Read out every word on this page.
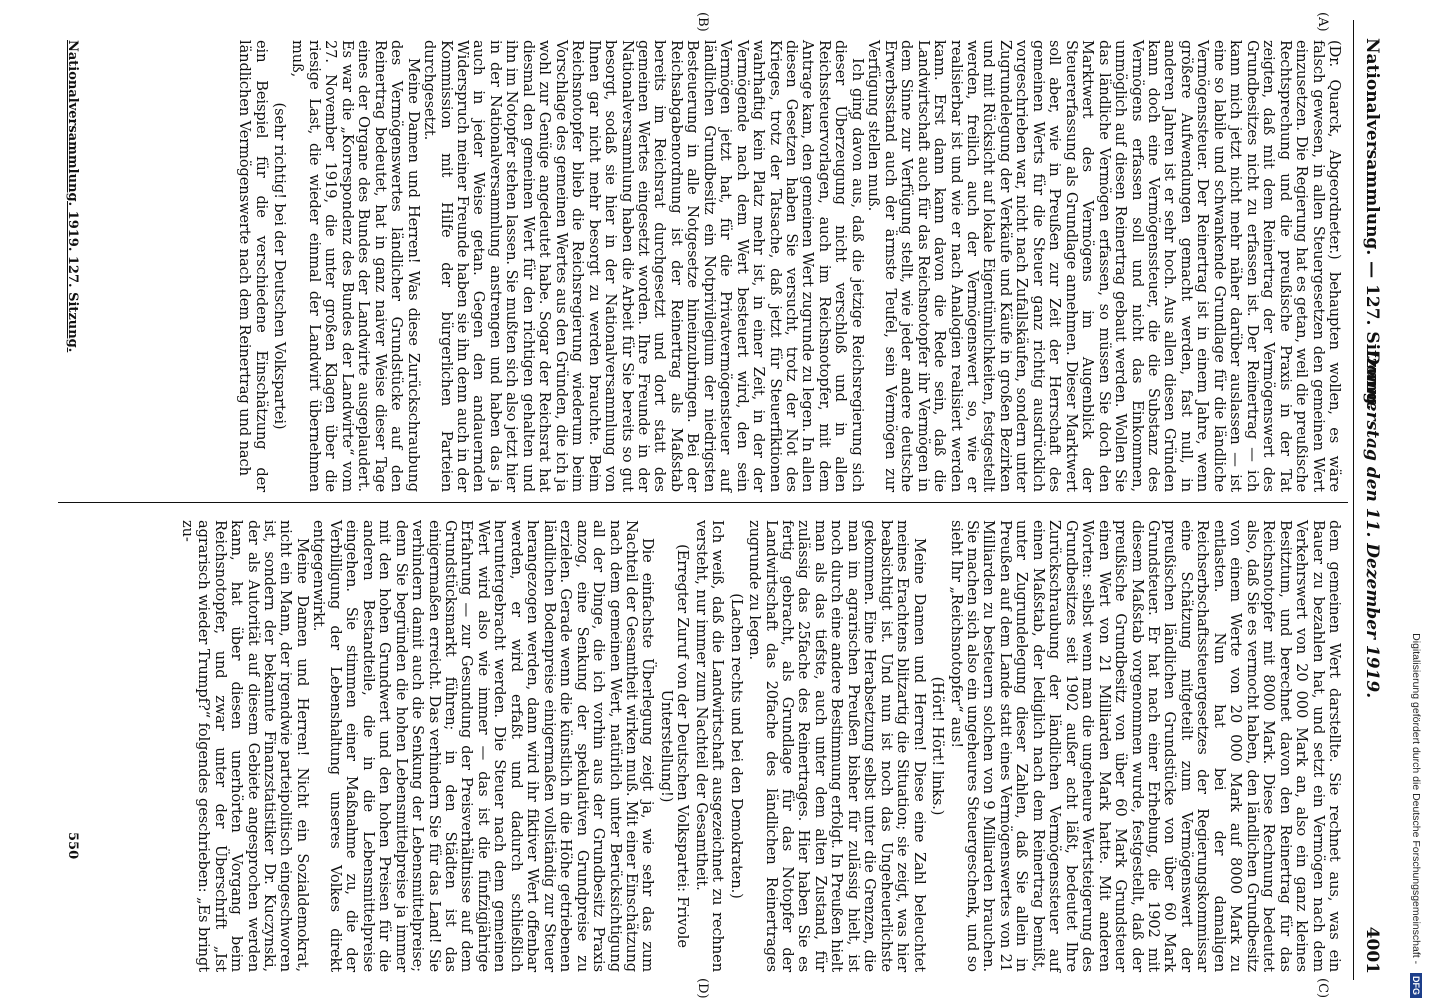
Nationalversammlung. — 127. Sitzung.
Donnerstag den 11. Dezember 1919.
4001
(A)
(B)
(C)
(D)

(Dr. Quarck, Abgeordneter.) behaupten wollen, es wäre falsch gewesen, in allen Steuergesetzen den gemeinen Wert einzusetzen. Die Regierung hat es getan, weil die preußische Rechtsprechung und die preußische Praxis in der Tat zeigten, daß mit dem Reinertrag der Vermögenswert des Grundbesitzes nicht zu erfassen ist. Der Reinertrag — ich kann mich jetzt nicht mehr näher darüber auslassen — ist eine so labile und schwankende Grundlage für die ländliche Vermögenssteuer. Der Reinertrag ist in einem Jahre, wenn größere Aufwendungen gemacht werden, fast null, in anderen Jahren ist er sehr hoch. Aus allen diesen Gründen kann doch eine Vermögenssteuer, die die Substanz des Vermögens erfassen soll und nicht das Einkommen, unmöglich auf diesen Reinertrag gebaut werden. Wollen Sie das ländliche Vermögen erfassen, so müssen Sie doch den Marktwert des Vermögens im Augenblick der Steuererfassung als Grundlage annehmen. Dieser Marktwert soll aber, wie in Preußen zur Zeit der Herrschaft des gemeinen Werts für die Steuer ganz richtig ausdrücklich vorgeschrieben war, nicht nach Zufallskäufen, sondern unter Zugrundelegung der Verkäufe und Käufe in großen Bezirken und mit Rücksicht auf lokale Eigentümlichkeiten, festgestellt werden, freilich auch der Vermögenswert so, wie er realisierbar ist und wie er nach Analogien realisiert werden kann. Erst dann kann davon die Rede sein, daß die Landwirtschaft auch für das Reichsnotopfer ihr Vermögen in dem Sinne zur Verfügung stellt, wie jeder andere deutsche Erwerbsstand auch der ärmste Teufel, sein Vermögen zur Verfügung stellen muß.

Ich ging davon aus, daß die jetzige Reichsregierung sich dieser Überzeugung nicht verschloß und in allen Reichssteuervorlagen, auch im Reichsnotopfer, mit dem Antrage kam, den gemeinen Wert zugrunde zu legen. In allen diesen Gesetzen haben Sie versucht, trotz der Not des Krieges, trotz der Tatsache, daß jetzt für Steuerfiktionen wahrhaftig kein Platz mehr ist, in einer Zeit, in der der Vermögende nach dem Wert besteuert wird, den sein Vermögen jetzt hat, für die Privatvermögensteuer auf ländlichen Grundbesitz ein Notprivilegium der niedrigsten Besteuerung in alle Notgesetze hineinzubringen. Bei der Reichsabgabenordnung ist der Reinertrag als Maßstab bereits im Reichsrat durchgesetzt und dort statt des gemeinen Wertes eingesetzt worden. Ihre Freunde in der Nationalversammlung haben die Arbeit für Sie bereits so gut besorgt, sodaß sie hier in der Nationalversammlung von Ihnen gar nicht mehr besorgt zu werden brauchte. Beim Reichsnotopfer blieb die Reichsregierung wiederum beim Vorschlage des gemeinen Wertes aus den Gründen, die ich ja wohl zur Genüge angedeutet habe. Sogar der Reichsrat hat diesmal den gemeinen Wert für den richtigen gehalten und ihn im Notopfer stehen lassen. Sie mußten sich also jetzt hier in der Nationalversammlung anstrengen und haben das ja auch in jeder Weise getan. Gegen den andauernden Widerspruch meiner Freunde haben sie ihn denn auch in der Kommission mit Hilfe der bürgerlichen Parteien durchgesetzt.

Meine Damen und Herren! Was diese Zurückschraubung des Vermögenswertes ländlicher Grundstücke auf den Reinertrag bedeutet, hat in ganz naiver Weise dieser Tage eines der Organe des Bundes der Landwirte ausgeplaudert. Es war die „Korrespondenz des Bundes der Landwirte“ vom 27. November 1919, die unter großen Klagen über die riesige Last, die wieder einmal der Landwirt übernehmen muß,

(sehr richtig! bei der Deutschen Volkspartei)

ein Beispiel für die verschiedene Einschätzung der ländlichen Vermögenswerte nach dem Reinertrag und nach

dem gemeinen Wert darstellte. Sie rechnet aus, was ein Bauer zu bezahlen hat, und setzt ein Vermögen nach dem Verkehrswert von 20 000 Mark an, also ein ganz kleines Besitztum, und berechnet davon den Reinertrag für das Reichsnotopfer mit 8000 Mark. Diese Rechnung bedeutet also, daß Sie es vermocht haben, den ländlichen Grundbesitz von einem Werte von 20 000 Mark auf 8000 Mark zu entlasten. Nun hat bei der damaligen Reichserbschaftssteuergesetzes der Regierungskommissar eine Schätzung mitgeteilt zum Vermögenswert der preußischen ländlichen Grundstücke von über 60 Mark Grundsteuer. Er hat nach einer Erhebung, die 1902 mit diesem Maßstab vorgenommen wurde, festgestellt, daß der preußische Grundbesitz von über 60 Mark Grundsteuer einen Wert von 21 Milliarden Mark hatte. Mit anderen Worten: selbst wenn man die ungeheure Wertsteigerung des Grundbesitzes seit 1902 außer acht läßt, bedeutet Ihre Zurückschraubung der ländlichen Vermögenssteuer auf einen Maßstab, der lediglich nach dem Reinertrag bemißt, unter Zugrundelegung dieser Zahlen, daß Sie allein in Preußen auf dem Lande statt eines Vermögenswertes von 21 Milliarden zu besteuern solchen von 9 Milliarden brauchen. Sie machen sich also ein ungeheures Steuergeschenk, und so sieht Ihr „Reichsnotopfer“ aus!

(Hört! Hört! links.)

Meine Damen und Herren! Diese eine Zahl beleuchtet meines Erachtens blitzartig die Situation; sie zeigt, was hier beabsichtigt ist. Und nun ist noch das Ungeheuerlichste gekommen. Eine Herabsetzung selbst unter die Grenzen, die man im agrarischen Preußen bisher für zulässig hielt, ist noch durch eine andere Bestimmung erfolgt. In Preußen hielt man als das tiefste, auch unter dem alten Zustand, für zulässig das 25fache des Reinertrages. Hier haben Sie es fertig gebracht, als Grundlage für das Notopfer der Landwirtschaft das 20fache des ländlichen Reinertrages zugrunde zu legen.

(Lachen rechts und bei den Demokraten.)

Ich weiß, daß die Landwirtschaft ausgezeichnet zu rechnen versteht, nur immer zum Nachteil der Gesamtheit.

(Erregter Zuruf von der Deutschen Volkspartei: Frivole Unterstellung!)

Die einfachste Überlegung zeigt ja, wie sehr das zum Nachteil der Gesamtheit wirken muß. Mit einer Einschätzung nach dem gemeinen Wert, natürlich unter Berücksichtigung all der Dinge, die ich vorhin aus der Grundbesitz Praxis anzog, eine Senkung der spekulativen Grundpreise zu erzielen. Gerade wenn die künstlich in die Höhe getriebenen ländlichen Bodenpreise einigermaßen vollständig zur Steuer herangezogen werden, dann wird ihr fiktiver Wert offenbar werden, er wird erfaßt und dadurch schließlich heruntergebracht werden. Die Steuer nach dem gemeinen Wert wird also wie immer — das ist die fünfzigjährige Erfahrung — zur Gesundung der Preisverhältnisse auf dem Grundstücksmarkt führen; in den Städten ist das einigermaßen erreicht. Das verhindern Sie für das Land! Sie verhindern damit auch die Senkung der Lebensmittelpreise; denn Sie begründen die hohen Lebensmittelpreise ja immer mit den hohen Grundwert und den hohen Preisen für die anderen Bestandteile, die in die Lebensmittelpreise eingehen. Sie stimmen einer Maßnahme zu, die der Verbilligung der Lebenshaltung unseres Volkes direkt entgegenwirkt.

Meine Damen und Herren! Nicht ein Sozialdemokrat, nicht ein Mann, der irgendwie parteipolitisch eingeschworen ist, sondern der bekannte Finanzstatistiker Dr. Kuczynski, der als Autorität auf diesem Gebiete angesprochen werden kann, hat über diesen unerhörten Vorgang beim Reichsnotopfer, und zwar unter der Überschrift „Ist agrarisch wieder Trumpf?“ folgendes geschrieben: „Es bringt zu-

Nationalversammlung. 1919. 127. Sitzung.
550	Digitalisierung gefördert durch die Deutsche Forschungsgemeinschaft - DFG
